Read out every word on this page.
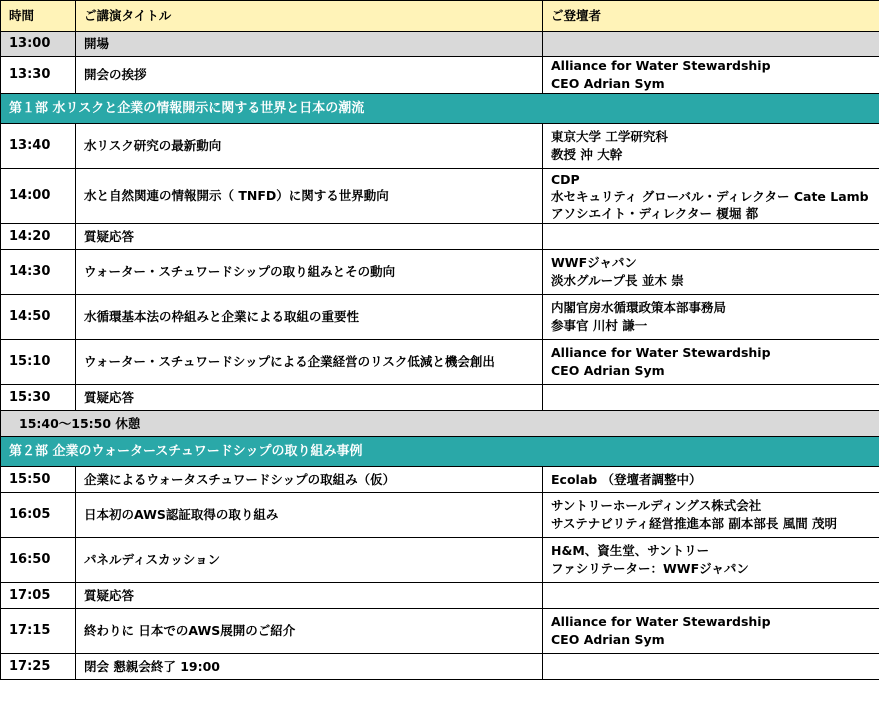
時間	ご講演タイトル	ご登壇者
13:00	開場	
13:30	開会の挨拶	Alliance for Water Stewardship
CEO Adrian Sym

第１部 水リスクと企業の情報開示に関する世界と日本の潮流		
13:40	水リスク研究の最新動向	東京大学 工学研究科
教授 沖 大幹

14:00	水と自然関連の情報開示（ TNFD）に関する世界動向	CDP
水セキュリティ グローバル・ディレクター Cate Lamb
アソシエイト・ディレクター 榎堀 都

14:20	質疑応答	
14:30	ウォーター・スチュワードシップの取り組みとその動向	WWFジャパン
淡水グループ長 並木 崇

14:50	水循環基本法の枠組みと企業による取組の重要性	内閣官房水循環政策本部事務局
参事官 川村 謙一

15:10	ウォーター・スチュワードシップによる企業経営のリスク低減と機会創出	Alliance for Water Stewardship
CEO Adrian Sym

15:30	質疑応答	
15:40〜15:50 休憩		
第２部 企業のウォータースチュワードシップの取り組み事例		
15:50	企業によるウォータスチュワードシップの取組み（仮）	Ecolab （登壇者調整中）

16:05	日本初のAWS認証取得の取り組み	サントリーホールディングス株式会社
サステナビリティ経営推進本部 副本部長 風間 茂明

16:50	パネルディスカッション	H&M、資生堂、サントリー
ファシリテーター：WWFジャパン

17:05	質疑応答	
17:15	終わりに 日本でのAWS展開のご紹介	Alliance for Water Stewardship
CEO Adrian Sym

17:25	閉会 懇親会終了 19:00	
